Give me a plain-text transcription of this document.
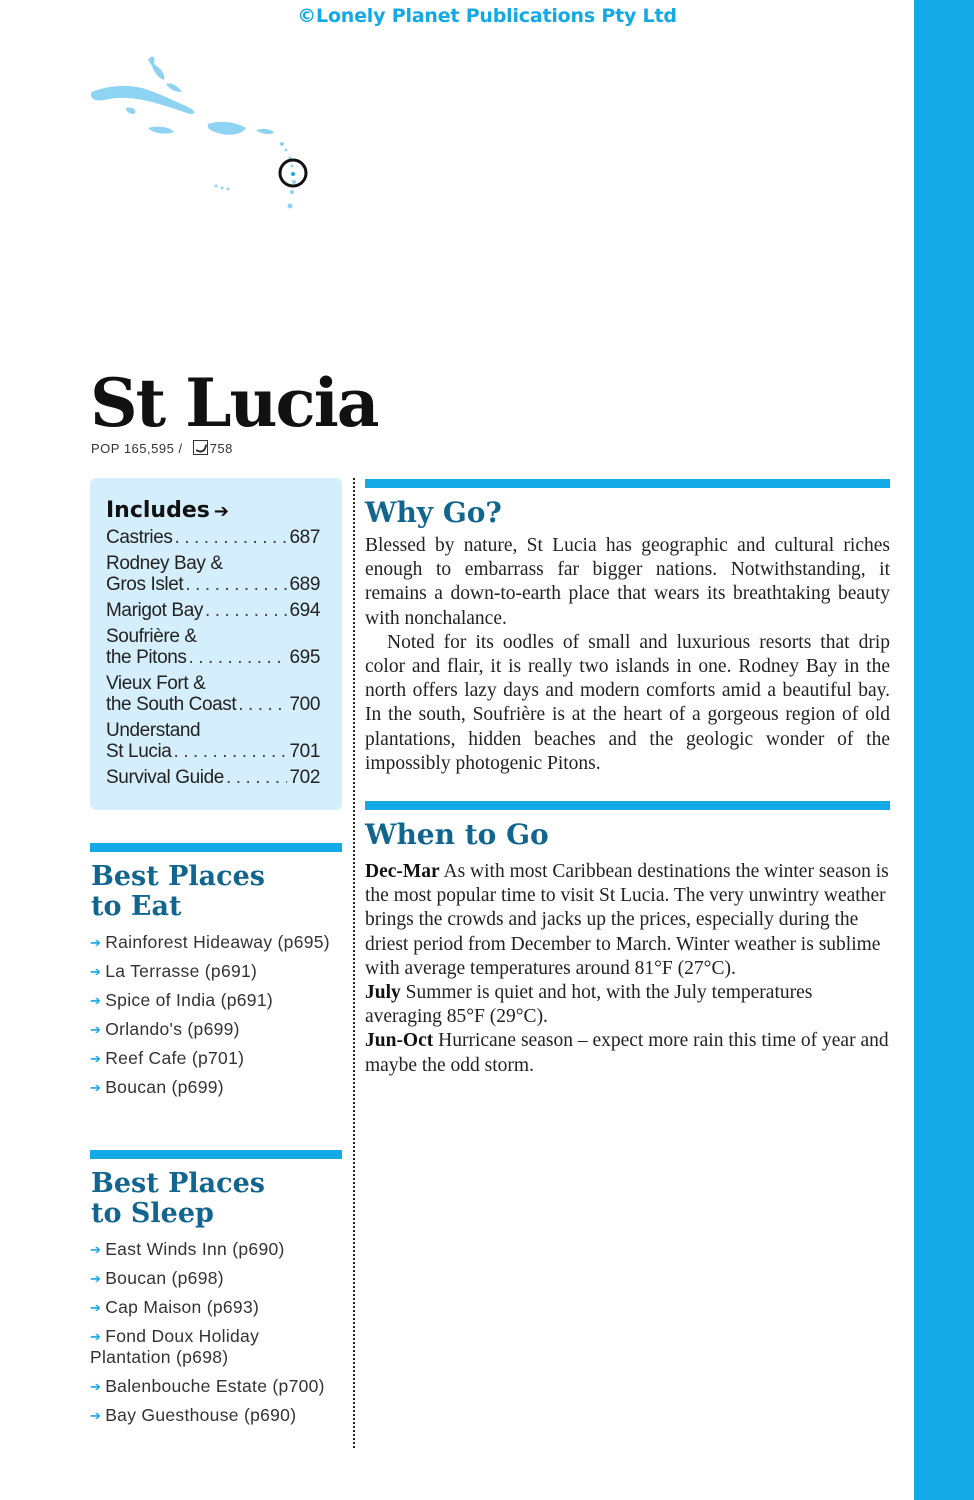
©Lonely Planet Publications Pty Ltd
St Lucia
POP 165,595 / 758
Includes ➔
Castries . . .	687
Rodney Bay &
Gros Islet . . .	689
Marigot Bay . . .	694
Soufrière &
the Pitons . . .	695
Vieux Fort &
the South Coast . . .	700
Understand
St Lucia . . .	701
Survival Guide . . .	702
Best Places
to Eat
➔ Rainforest Hideaway (p695)
➔ La Terrasse (p691)
➔ Spice of India (p691)
➔ Orlando's (p699)
➔ Reef Cafe (p701)
➔ Boucan (p699)
Best Places
to Sleep
➔ East Winds Inn (p690)
➔ Boucan (p698)
➔ Cap Maison (p693)
➔ Fond Doux Holiday Plantation (p698)
➔ Balenbouche Estate (p700)
➔ Bay Guesthouse (p690)
Why Go?

Blessed by nature, St Lucia has geographic and cultural riches enough to embarrass far bigger nations. Notwithstanding, it remains a down-to-earth place that wears its breathtaking beauty with nonchalance.

Noted for its oodles of small and luxurious resorts that drip color and flair, it is really two islands in one. Rodney Bay in the north offers lazy days and modern comforts amid a beautiful bay. In the south, Soufrière is at the heart of a gorgeous region of old plantations, hidden beaches and the geologic wonder of the impossibly photogenic Pitons.

When to Go

Dec-Mar As with most Caribbean destinations the winter season is the most popular time to visit St Lucia. The very unwintry weather brings the crowds and jacks up the prices, especially during the driest period from December to March. Winter weather is sublime with average temperatures around 81°F (27°C).

July Summer is quiet and hot, with the July temperatures averaging 85°F (29°C).

Jun-Oct Hurricane season – expect more rain this time of year and maybe the odd storm.
